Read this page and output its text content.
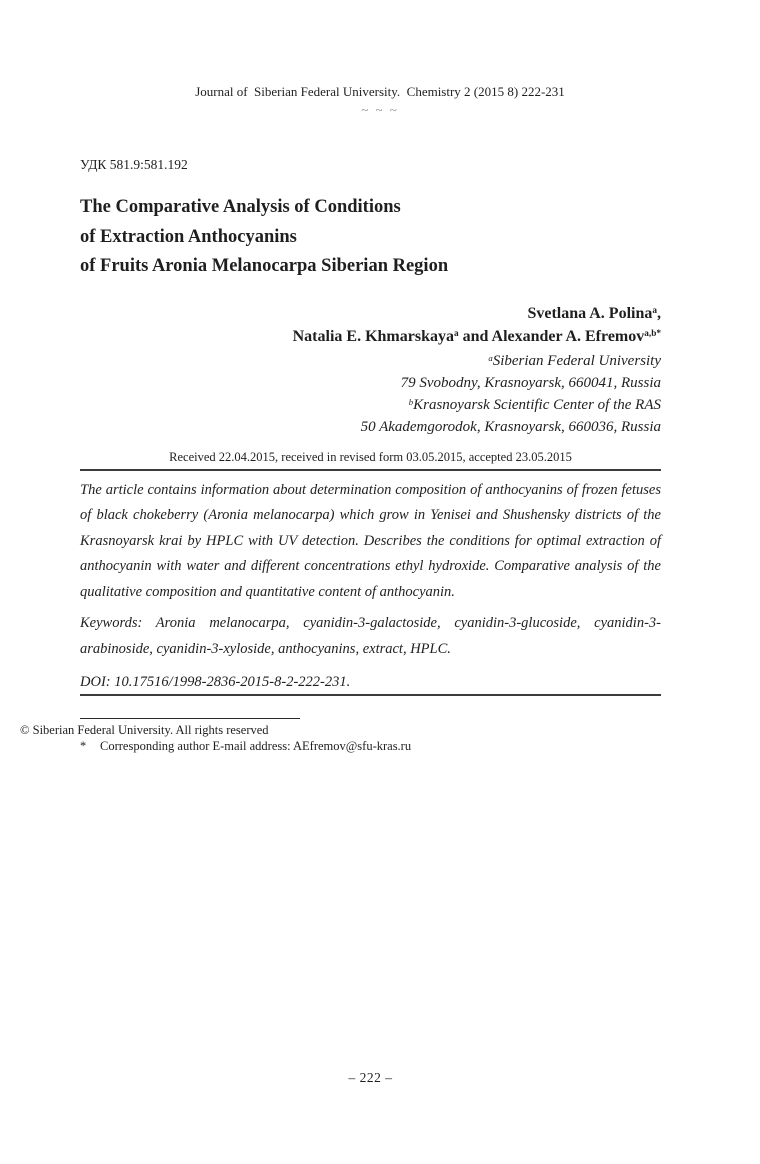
Journal of  Siberian Federal University.  Chemistry 2 (2015 8) 222-231
~ ~ ~
УДК 581.9:581.192
The Comparative Analysis of Conditions
of Extraction Anthocyanins
of Fruits Aronia Melanocarpa Siberian Region
Svetlana A. Polina$^a$,
Natalia E. Khmarskaya$^a$ and Alexander A. Efremov$^{a,b*}$
$^a$Siberian Federal University
79 Svobodny, Krasnoyarsk, 660041, Russia
$^b$Krasnoyarsk Scientific Center of the RAS
50 Akademgorodok, Krasnoyarsk, 660036, Russia
Received 22.04.2015, received in revised form 03.05.2015, accepted 23.05.2015
The article contains information about determination composition of anthocyanins of frozen fetuses of black chokeberry (Aronia melanocarpa) which grow in Yenisei and Shushensky districts of the Krasnoyarsk krai by HPLC with UV detection. Describes the conditions for optimal extraction of anthocyanin with water and different concentrations ethyl hydroxide. Comparative analysis of the qualitative composition and quantitative content of anthocyanin.
Keywords: Aronia melanocarpa, cyanidin-3-galactoside, cyanidin-3-glucoside, cyanidin-3-arabinoside, cyanidin-3-xyloside, anthocyanins, extract, HPLC.
DOI: 10.17516/1998-2836-2015-8-2-222-231.
© Siberian Federal University. All rights reserved
*	Corresponding author E-mail address: AEfremov@sfu-kras.ru
– 222 –
